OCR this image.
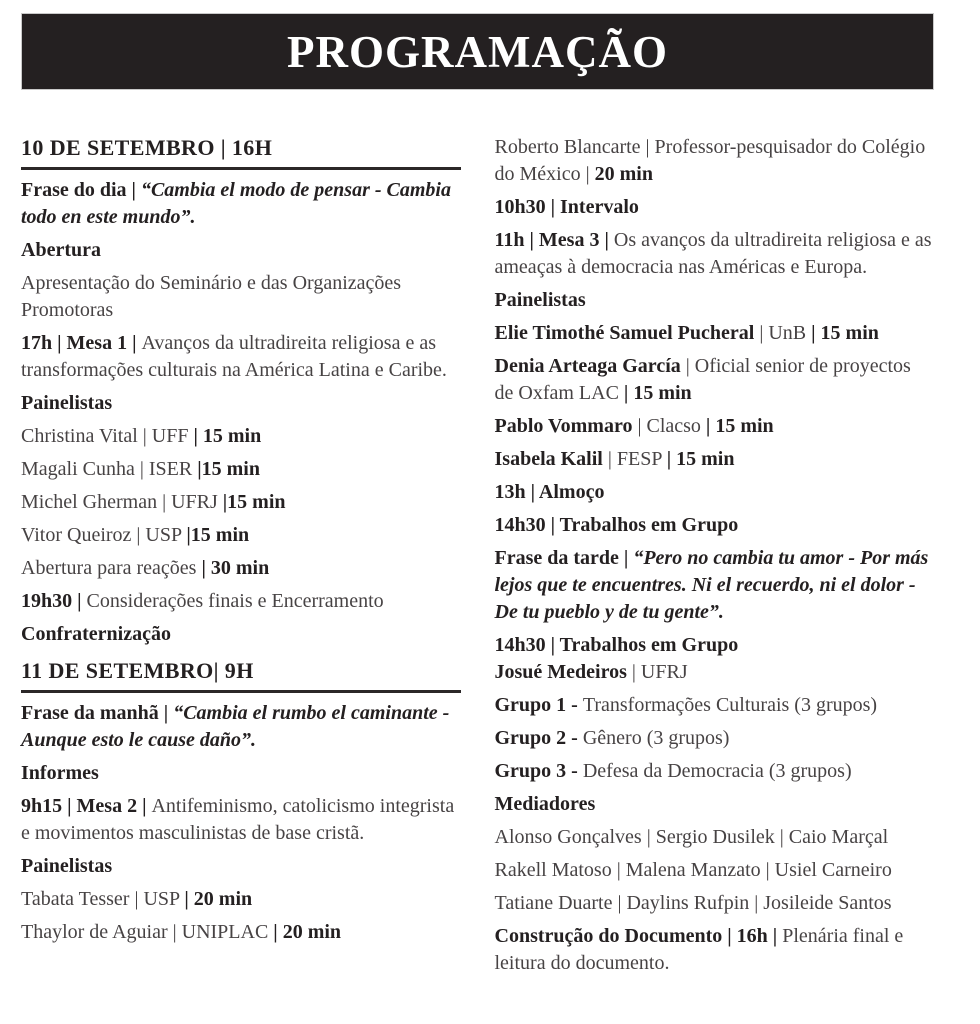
PROGRAMAÇÃO

10 DE SETEMBRO | 16H

Frase do dia | “Cambia el modo de pensar - Cambia todo en este mundo”.

Abertura

Apresentação do Seminário e das Organizações Promotoras

17h | Mesa 1 | Avanços da ultradireita religiosa e as transformações culturais na América Latina e Caribe.

Painelistas

Christina Vital | UFF | 15 min

Magali Cunha | ISER |15 min

Michel Gherman | UFRJ |15 min

Vitor Queiroz | USP |15 min

Abertura para reações | 30 min

19h30 | Considerações finais e Encerramento

Confraternização

11 DE SETEMBRO| 9H

Frase da manhã | “Cambia el rumbo el caminante - Aunque esto le cause daño”.

Informes

9h15 | Mesa 2 | Antifeminismo, catolicismo integrista e movimentos masculinistas de base cristã.

Painelistas

Tabata Tesser | USP | 20 min

Thaylor de Aguiar | UNIPLAC | 20 min

Roberto Blancarte | Professor-pesquisador do Colégio do México | 20 min

10h30 | Intervalo

11h | Mesa 3 | Os avanços da ultradireita religiosa e as ameaças à democracia nas Américas e Europa.

Painelistas

Elie Timothé Samuel Pucheral | UnB | 15 min

Denia Arteaga García | Oficial senior de proyectos de Oxfam LAC | 15 min

Pablo Vommaro | Clacso | 15 min

Isabela Kalil | FESP | 15 min

13h | Almoço

14h30 | Trabalhos em Grupo

Frase da tarde | “Pero no cambia tu amor - Por más lejos que te encuentres. Ni el recuerdo, ni el dolor - De tu pueblo y de tu gente”.

14h30 | Trabalhos em Grupo

Josué Medeiros | UFRJ

Grupo 1 - Transformações Culturais (3 grupos)

Grupo 2 - Gênero (3 grupos)

Grupo 3 - Defesa da Democracia (3 grupos)

Mediadores

Alonso Gonçalves | Sergio Dusilek | Caio Marçal

Rakell Matoso | Malena Manzato | Usiel Carneiro

Tatiane Duarte | Daylins Rufpin | Josileide Santos

Construção do Documento | 16h | Plenária final e leitura do documento.
